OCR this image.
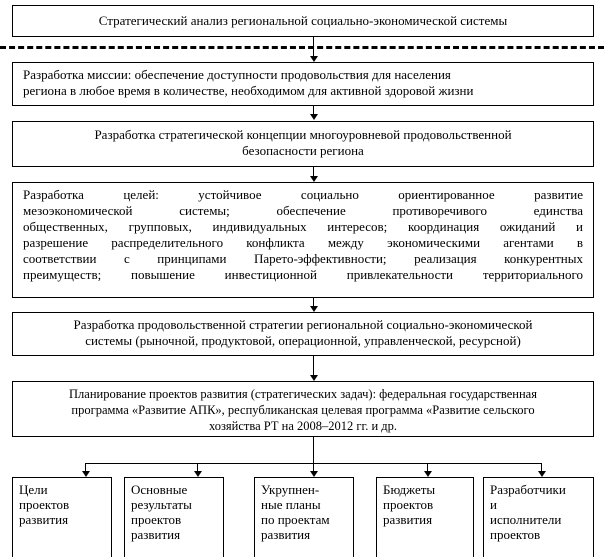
Стратегический анализ региональной социально-экономической системы
Разработка миссии: обеспечение доступности продовольствия для населения
региона в любое время в количестве, необходимом для активной здоровой жизни
Разработка стратегической концепции многоуровневой продовольственной
безопасности региона
Разработка целей: устойчивое социально ориентированное развитие
мезоэкономической системы; обеспечение противоречивого единства
общественных, групповых, индивидуальных интересов; координация ожиданий и
разрешение распределительного конфликта между экономическими агентами в
соответствии с принципами Парето-эффективности; реализация конкурентных
преимуществ; повышение инвестиционной привлекательности территориального
Разработка продовольственной стратегии региональной социально-экономической
системы (рыночной, продуктовой, операционной, управленческой, ресурсной)
Планирование проектов развития (стратегических задач): федеральная государственная
программа «Развитие АПК», республиканская целевая программа «Развитие сельского
хозяйства РТ на 2008–2012 гг. и др.
Цели
проектов
развития
Основные
результаты
проектов
развития
Укрупнен-
ные планы
по проектам
развития
Бюджеты
проектов
развития
Разработчики
и
исполнители
проектов
